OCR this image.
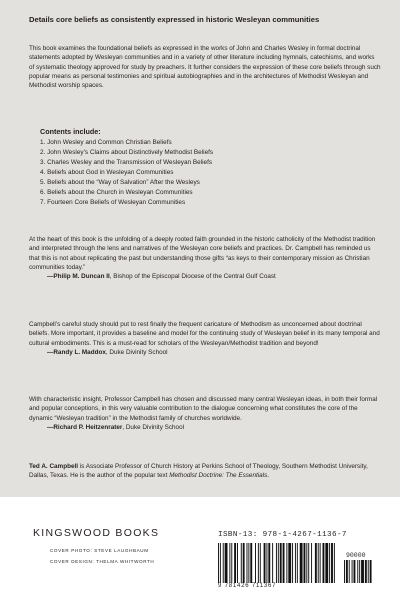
Details core beliefs as consistently expressed in historic Wesleyan communities
This book examines the foundational beliefs as expressed in the works of John and Charles Wesley in formal doctrinal statements adopted by Wesleyan communities and in a variety of other literature including hymnals, catechisms, and works of systematic theology approved for study by preachers. It further considers the expression of these core beliefs through such popular means as personal testimonies and spiritual autobiographies and in the architectures of Methodist Wesleyan and Methodist worship spaces.
Contents include:
1. John Wesley and Common Christian Beliefs
2. John Wesley’s Claims about Distinctively Methodist Beliefs
3. Charles Wesley and the Transmission of Wesleyan Beliefs
4. Beliefs about God in Wesleyan Communities
5. Beliefs about the “Way of Salvation” After the Wesleys
6. Beliefs about the Church in Wesleyan Communities
7. Fourteen Core Beliefs of Wesleyan Communities
At the heart of this book is the unfolding of a deeply rooted faith grounded in the historic catholicity of the Methodist tradition and interpreted through the lens and narratives of the Wesleyan core beliefs and practices. Dr. Campbell has reminded us that this is not about replicating the past but understanding those gifts “as keys to their contemporary mission as Christian communities today.”
—Philip M. Duncan II, Bishop of the Episcopal Diocese of the Central Gulf Coast
Campbell’s careful study should put to rest finally the frequent caricature of Methodism as unconcerned about doctrinal beliefs. More important, it provides a baseline and model for the continuing study of Wesleyan belief in its many temporal and cultural embodiments. This is a must-read for scholars of the Wesleyan/Methodist tradition and beyond!
—Randy L. Maddox, Duke Divinity School
With characteristic insight, Professor Campbell has chosen and discussed many central Wesleyan ideas, in both their formal and popular conceptions, in this very valuable contribution to the dialogue concerning what constitutes the core of the dynamic “Wesleyan tradition” in the Methodist family of churches worldwide.
—Richard P. Heitzenrater, Duke Divinity School
Ted A. Campbell is Associate Professor of Church History at Perkins School of Theology, Southern Methodist University, Dallas, Texas. He is the author of the popular text Methodist Doctrine: The Essentials.
KINGSWOOD BOOKS
COVER PHOTO: STEVE LAUGHBAUM
COVER DESIGN: THELMA WHITWORTH
ISBN-13: 978-1-4267-1136-7
90000
9 781426 711367
